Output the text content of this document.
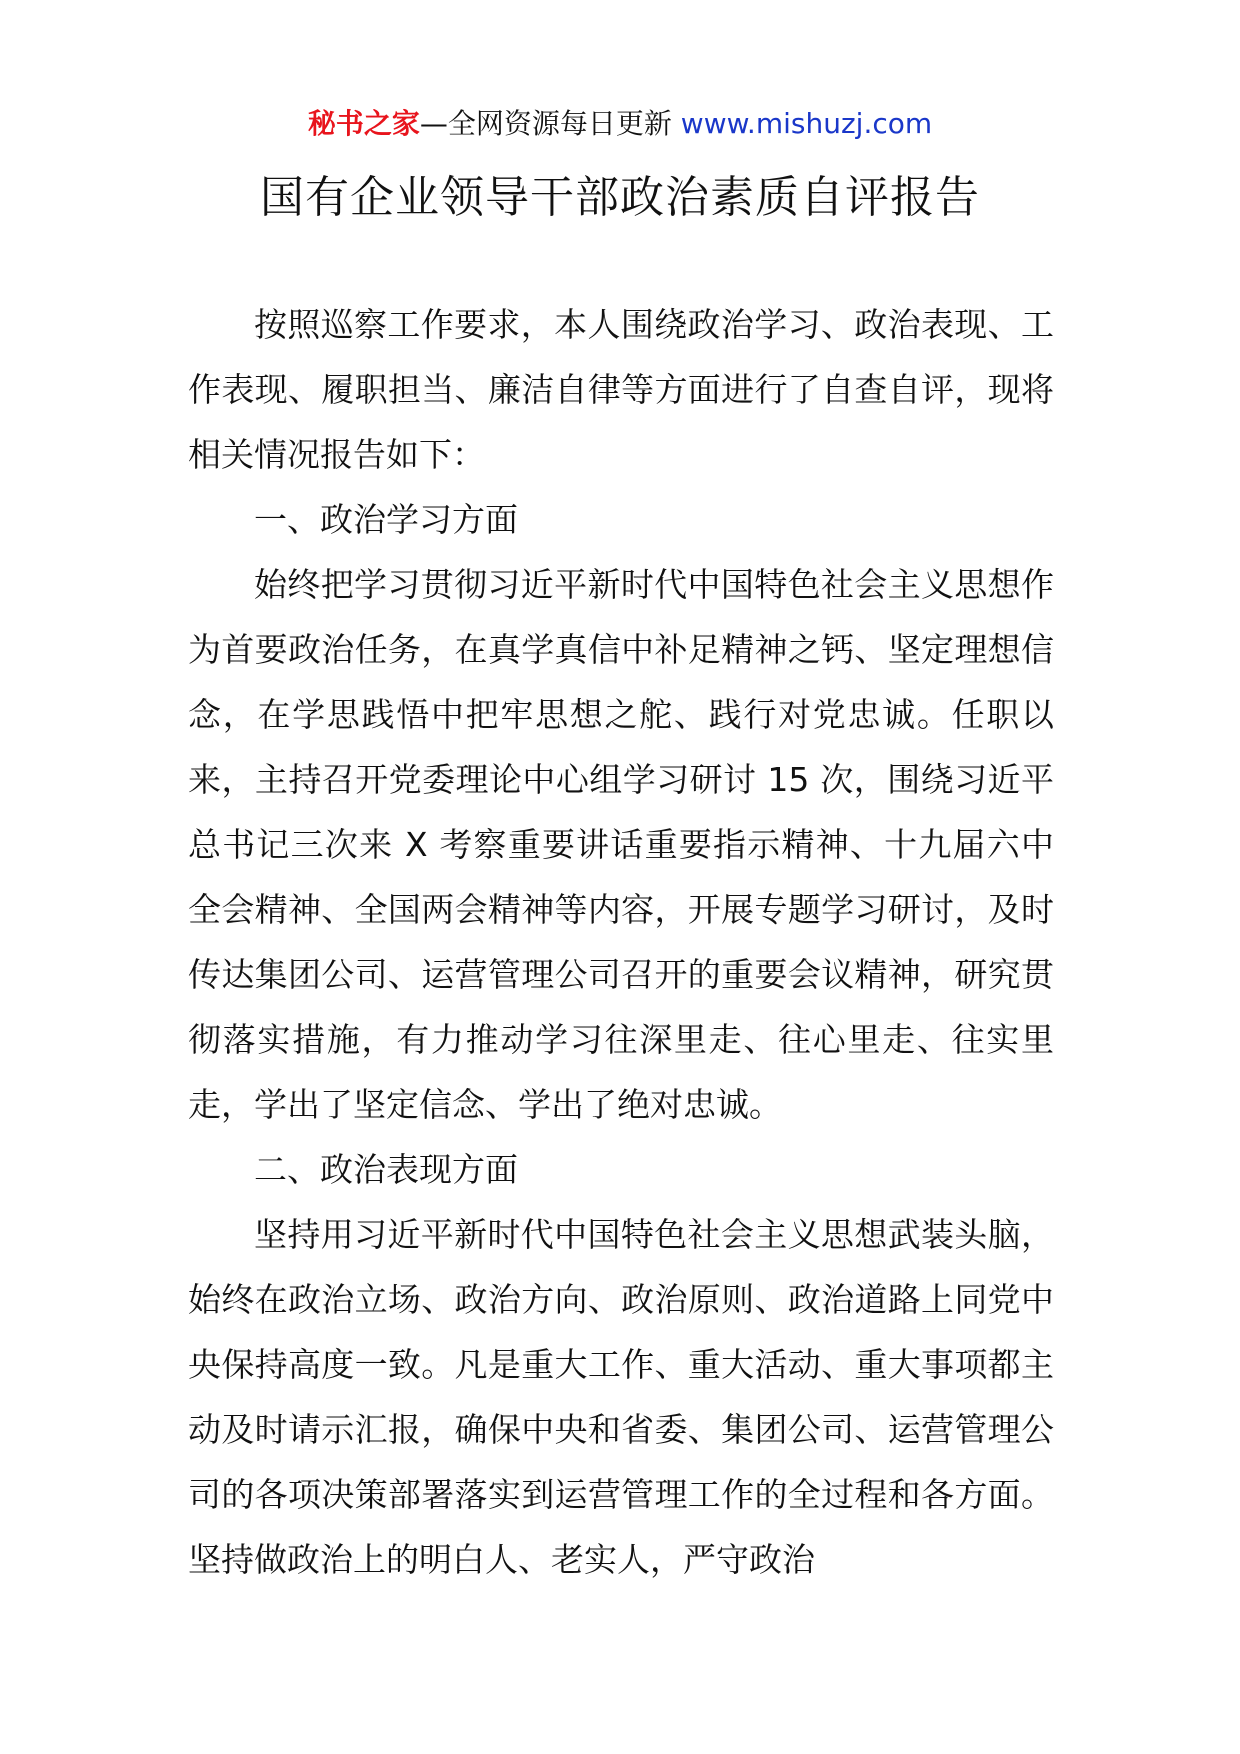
秘书之家—全网资源每日更新 www.mishuzj.com
国有企业领导干部政治素质自评报告

按照巡察工作要求，本人围绕政治学习、政治表现、工作表现、履职担当、廉洁自律等方面进行了自查自评，现将相关情况报告如下：

一、政治学习方面

始终把学习贯彻习近平新时代中国特色社会主义思想作为首要政治任务，在真学真信中补足精神之钙、坚定理想信念，在学思践悟中把牢思想之舵、践行对党忠诚。任职以来，主持召开党委理论中心组学习研讨 15 次，围绕习近平总书记三次来 X 考察重要讲话重要指示精神、十九届六中全会精神、全国两会精神等内容，开展专题学习研讨，及时传达集团公司、运营管理公司召开的重要会议精神，研究贯彻落实措施，有力推动学习往深里走、往心里走、往实里走，学出了坚定信念、学出了绝对忠诚。

二、政治表现方面

坚持用习近平新时代中国特色社会主义思想武装头脑，始终在政治立场、政治方向、政治原则、政治道路上同党中央保持高度一致。凡是重大工作、重大活动、重大事项都主动及时请示汇报，确保中央和省委、集团公司、运营管理公司的各项决策部署落实到运营管理工作的全过程和各方面。坚持做政治上的明白人、老实人，严守政治
